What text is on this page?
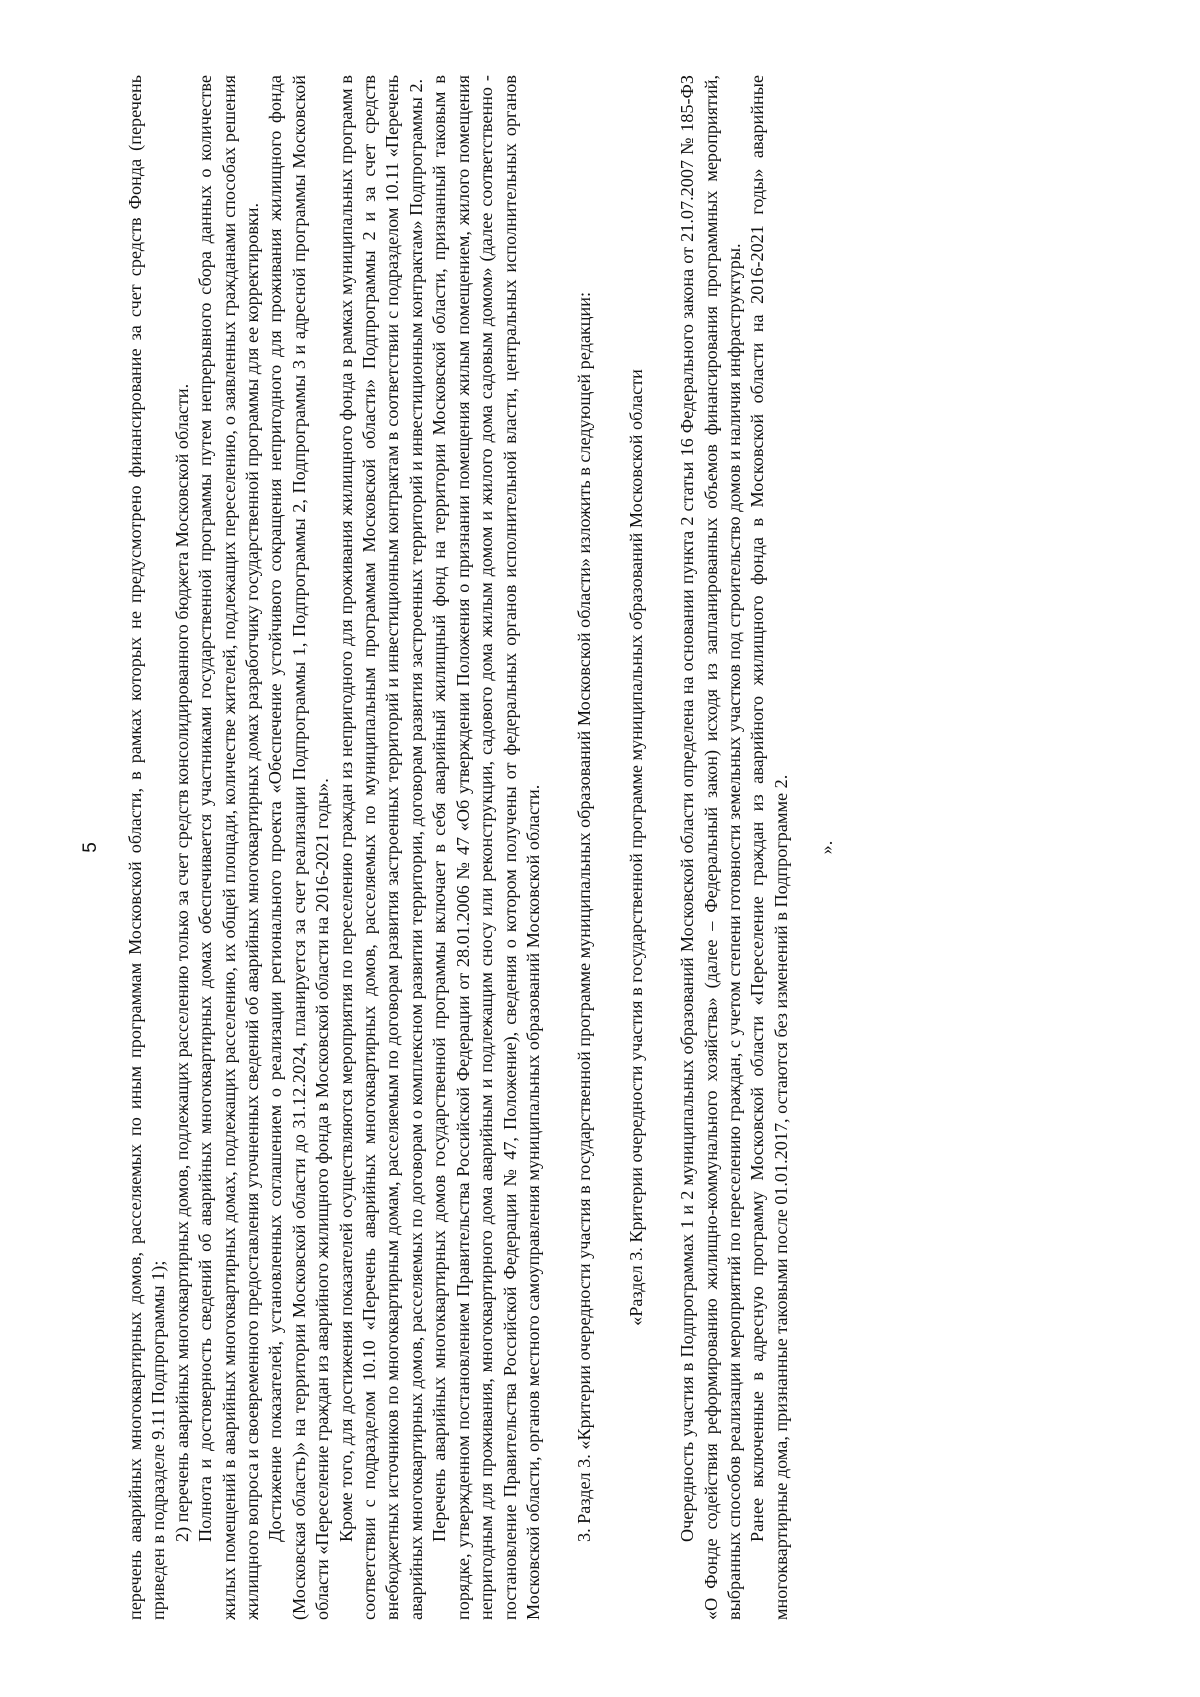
5 перечень аварийных многоквартирных домов, расселяемых по иным программам Московской области, в рамках которых не предусмотрено финансирование за счет средств Фонда (перечень приведен в подразделе 9.11 Подпрограммы 1); 2) перечень аварийных многоквартирных домов, подлежащих расселению только за счет средств консолидированного бюджета Московской области. Полнота и достоверность сведений об аварийных многоквартирных домах обеспечивается участниками государственной программы путем непрерывного сбора данных о количестве жилых помещений в аварийных многоквартирных домах, подлежащих расселению, их общей площади, количестве жителей, подлежащих переселению, о заявленных гражданами способах решения жилищного вопроса и своевременного предоставления уточненных сведений об аварийных многоквартирных домах разработчику государственной программы для ее корректировки. Достижение показателей, установленных соглашением о реализации регионального проекта «Обеспечение устойчивого сокращения непригодного для проживания жилищного фонда (Московская область)» на территории Московской области до 31.12.2024, планируется за счет реализации Подпрограммы 1, Подпрограммы 2, Подпрограммы 3 и адресной программы Московской области «Переселение граждан из аварийного жилищного фонда в Московской области на 2016-2021 годы». Кроме того, для достижения показателей осуществляются мероприятия по переселению граждан из непригодного для проживания жилищного фонда в рамках муниципальных программ в соответствии с подразделом 10.10 «Перечень аварийных многоквартирных домов, расселяемых по муниципальным программам Московской области» Подпрограммы 2 и за счет средств внебюджетных источников по многоквартирным домам, расселяемым по договорам развития застроенных территорий и инвестиционным контрактам в соответствии с подразделом 10.11 «Перечень аварийных многоквартирных домов, расселяемых по договорам о комплексном развитии территории, договорам развития застроенных территорий и инвестиционным контрактам» Подпрограммы 2. Перечень аварийных многоквартирных домов государственной программы включает в себя аварийный жилищный фонд на территории Московской области, признанный таковым в порядке, утвержденном постановлением Правительства Российской Федерации от 28.01.2006 № 47 «Об утверждении Положения о признании помещения жилым помещением, жилого помещения непригодным для проживания, многоквартирного дома аварийным и подлежащим сносу или реконструкции, садового дома жилым домом и жилого дома садовым домом» (далее соответственно - постановление Правительства Российской Федерации № 47, Положение), сведения о котором получены от федеральных органов исполнительной власти, центральных исполнительных органов Московской области, органов местного самоуправления муниципальных образований Московской области. 3. Раздел 3. «Критерии очередности участия в государственной программе муниципальных образований Московской области» изложить в следующей редакции: «Раздел 3. Критерии очередности участия в государственной программе муниципальных образований Московской области Очередность участия в Подпрограммах 1 и 2 муниципальных образований Московской области определена на основании пункта 2 статьи 16 Федерального закона от 21.07.2007 № 185-ФЗ «О Фонде содействия реформированию жилищно-коммунального хозяйства» (далее – Федеральный закон) исходя из запланированных объемов финансирования программных мероприятий, выбранных способов реализации мероприятий по переселению граждан, с учетом степени готовности земельных участков под строительство домов и наличия инфраструктуры. Ранее включенные в адресную программу Московской области «Переселение граждан из аварийного жилищного фонда в Московской области на 2016-2021 годы» аварийные многоквартирные дома, признанные таковыми после 01.01.2017, остаются без изменений в Подпрограмме 2. ».
